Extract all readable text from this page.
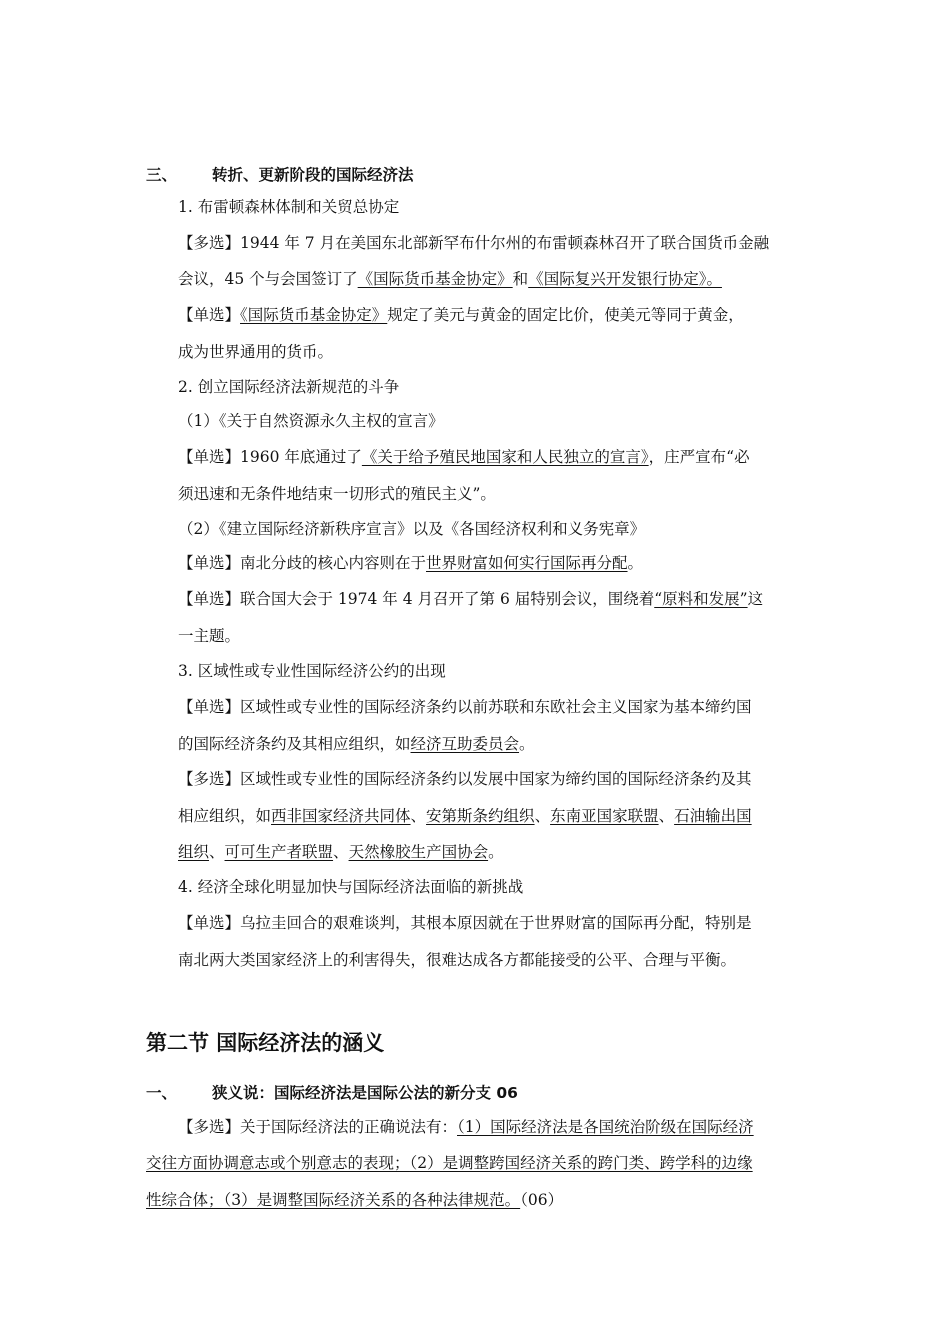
三、 转折、更新阶段的国际经济法
1. 布雷顿森林体制和关贸总协定
【多选】1944 年 7 月在美国东北部新罕布什尔州的布雷顿森林召开了联合国货币金融
会议，45 个与会国签订了《国际货币基金协定》和《国际复兴开发银行协定》。
【单选】《国际货币基金协定》规定了美元与黄金的固定比价，使美元等同于黄金，
成为世界通用的货币。
2. 创立国际经济法新规范的斗争
（1）《关于自然资源永久主权的宣言》
【单选】1960 年底通过了《关于给予殖民地国家和人民独立的宣言》，庄严宣布“必
须迅速和无条件地结束一切形式的殖民主义”。
（2）《建立国际经济新秩序宣言》以及《各国经济权利和义务宪章》
【单选】南北分歧的核心内容则在于世界财富如何实行国际再分配。
【单选】联合国大会于 1974 年 4 月召开了第 6 届特别会议，围绕着“原料和发展”这
一主题。
3. 区域性或专业性国际经济公约的出现
【单选】区域性或专业性的国际经济条约以前苏联和东欧社会主义国家为基本缔约国
的国际经济条约及其相应组织，如经济互助委员会。
【多选】区域性或专业性的国际经济条约以发展中国家为缔约国的国际经济条约及其
相应组织，如西非国家经济共同体、安第斯条约组织、东南亚国家联盟、石油输出国
组织、可可生产者联盟、天然橡胶生产国协会。
4. 经济全球化明显加快与国际经济法面临的新挑战
【单选】乌拉圭回合的艰难谈判，其根本原因就在于世界财富的国际再分配，特别是
南北两大类国家经济上的利害得失，很难达成各方都能接受的公平、合理与平衡。
第二节 国际经济法的涵义
一、 狭义说：国际经济法是国际公法的新分支 06
【多选】关于国际经济法的正确说法有：（1）国际经济法是各国统治阶级在国际经济
交往方面协调意志或个别意志的表现；（2）是调整跨国经济关系的跨门类、跨学科的边缘
性综合体；（3）是调整国际经济关系的各种法律规范。（06）
